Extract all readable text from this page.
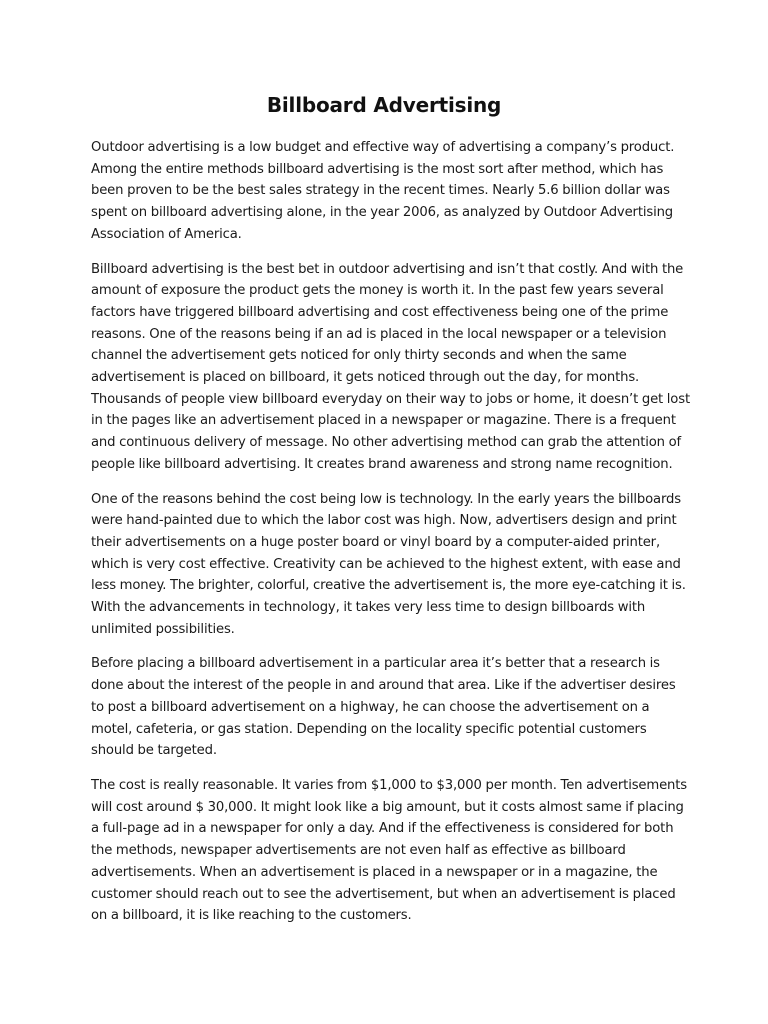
Billboard Advertising

Outdoor advertising is a low budget and effective way of advertising a company’s product. Among the entire methods billboard advertising is the most sort after method, which has been proven to be the best sales strategy in the recent times. Nearly 5.6 billion dollar was spent on billboard advertising alone, in the year 2006, as analyzed by Outdoor Advertising Association of America.

Billboard advertising is the best bet in outdoor advertising and isn’t that costly. And with the amount of exposure the product gets the money is worth it. In the past few years several factors have triggered billboard advertising and cost effectiveness being one of the prime reasons. One of the reasons being if an ad is placed in the local newspaper or a television channel the advertisement gets noticed for only thirty seconds and when the same advertisement is placed on billboard, it gets noticed through out the day, for months. Thousands of people view billboard everyday on their way to jobs or home, it doesn’t get lost in the pages like an advertisement placed in a newspaper or magazine. There is a frequent and continuous delivery of message. No other advertising method can grab the attention of people like billboard advertising. It creates brand awareness and strong name recognition.

One of the reasons behind the cost being low is technology. In the early years the billboards were hand-painted due to which the labor cost was high. Now, advertisers design and print their advertisements on a huge poster board or vinyl board by a computer-aided printer, which is very cost effective. Creativity can be achieved to the highest extent, with ease and less money. The brighter, colorful, creative the advertisement is, the more eye-catching it is. With the advancements in technology, it takes very less time to design billboards with unlimited possibilities.

Before placing a billboard advertisement in a particular area it’s better that a research is done about the interest of the people in and around that area. Like if the advertiser desires to post a billboard advertisement on a highway, he can choose the advertisement on a motel, cafeteria, or gas station. Depending on the locality specific potential customers should be targeted.

The cost is really reasonable. It varies from $1,000 to $3,000 per month. Ten advertisements will cost around $ 30,000. It might look like a big amount, but it costs almost same if placing a full-page ad in a newspaper for only a day. And if the effectiveness is considered for both the methods, newspaper advertisements are not even half as effective as billboard advertisements. When an advertisement is placed in a newspaper or in a magazine, the customer should reach out to see the advertisement, but when an advertisement is placed on a billboard, it is like reaching to the customers.
